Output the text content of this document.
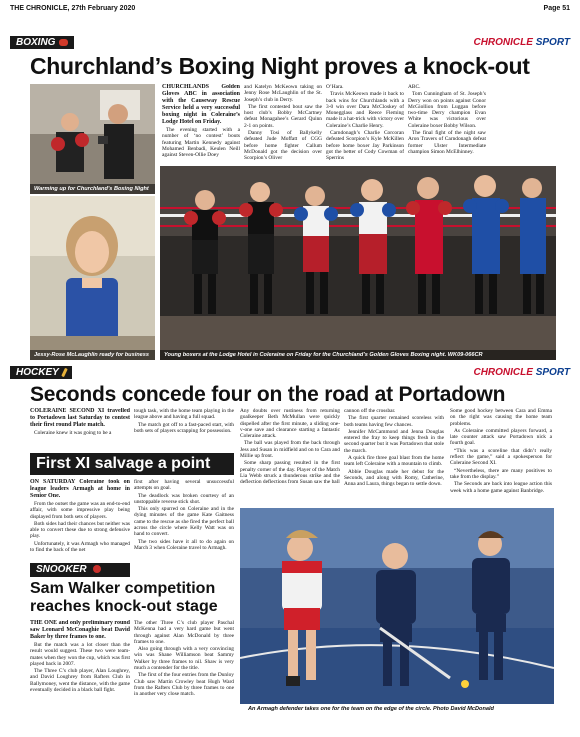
THE CHRONICLE, 27th February 2020	Page 51
BOXING	CHRONICLE SPORT
Churchland’s Boxing Night proves a knock-out
Warming up for Churchland’s Boxing Night
Jessy-Rose McLaughlin ready for business

CHURCHLANDS Golden Gloves ABC in association with the Causeway Rescue Service held a very successful boxing night in Coleraine’s Lodge Hotel on Friday.

The evening started with a number of ‘no contest’ bouts featuring Martin Kennedy against Mohamed Benbadi, Keulen Neill against Steven-Ollie Doey

and Katelyn McKeown taking on Jenny Rose McLaughlin of the St. Joseph’s club in Derry.

The first contested bout saw the host club’s Bobby McCartney defeat Monagahee’s Gerard Quinn 2-1 on points.

Danny Tosi of Ballykelly defeated Jude Moffatt of CGG before home fighter Callum McDonald got the decision over Scorpion’s Oliver

O’Hara.

Travis McKeown made it back to back wins for Churchlands with a 3-0 win over Dara McCloskey of Monegglass and Reece Fleming made it a hat-trick with victory over Coleraine’s Charlie Henry.

Carndonagh’s Charlie Corcoran defeated Scorpion’s Kyle McKillen before home boxer Jay Parkinson got the better of Cody Cowman of Sperrins

ABC.

Tom Cunningham of St. Joseph’s Derry won on points against Conor McGiollion from Luggan before two-time Derry champion Evan White was victorious over Coleraine boxer Bobby Wilson.

The final fight of the night saw Aron Travers of Carndonagh defeat former Ulster Intermediate champion Simon McElhinney.

Young boxers at the Lodge Hotel in Coleraine on Friday for the Churchland’s Golden Gloves Boxing night. WK09-066CR
HOCKEY	CHRONICLE SPORT
Seconds concede four on the road at Portadown

COLERAINE SECOND XI travelled to Portadown last Saturday to contest their first round Plate match.

Coleraine knew it was going to be a

tough task, with the home team playing in the league above and having a full squad.

The match got off to a fast-paced start, with both sets of players scrapping for possession.

Any doubts over rustiness from returning goalkeeper Beth McMullan were quickly dispelled after the first minute, a sliding one-v-one save and clearance starting a fantastic Coleraine attack.

The ball was played from the back through Jess and Susan in midfield and on to Cara and Millie up front.

Some sharp passing resulted in the first penalty corner of the day. Player of the Match Lia Webb struck a thunderous strike and the deflection deflections from Susan saw the ball

cannon off the crossbar.

The first quarter remained scoreless with both teams having few chances.

Jennifer McCammond and Jenna Douglas entered the fray to keep things fresh in the second quarter but it was Portadown that stole the march.

A quick fire three goal blast from the home team left Coleraine with a mountain to climb.

Abbie Douglas made her debut for the Seconds, and along with Romy, Catherine, Anna and Laura, things began to settle down.

Some good hockey between Cara and Emma on the right was causing the home team problems.

As Coleraine committed players forward, a late counter attack saw Portadown nick a fourth goal.

“This was a scoreline that didn’t really reflect the game,” said a spokesperson for Coleraine Second XI.

“Nevertheless, there are many positives to take from the display.”

The Seconds are back into league action this week with a home game against Banbridge.

First XI salvage a point

ON SATURDAY Coleraine took on league leaders Armagh at home in Senior One.

From the outset the game was an end-to-end affair, with some impressive play being displayed from both sets of players.

Both sides had their chances but neither was able to convert these due to strong defensive play.

Unfortunately, it was Armagh who managed to find the back of the net

first after having several unsuccessful attempts on goal.

The deadlock was broken courtesy of an unstoppable reverse stick shot.

This only spurred on Coleraine and in the dying minutes of the game Kate Gaitness came to the rescue as she fired the perfect ball across the circle where Kelly Watt was on hand to convert.

The two sides have it all to do again on March 3 when Coleraine travel to Armagh.

An Armagh defender takes one for the team on the edge of the circle. Photo David McDonald
SNOOKER
Sam Walker competition
reaches knock-out stage

THE ONE and only preliminary round saw Leonard McConaghie beat David Baker by three frames to one.

But the match was a lot closer than the result would suggest. These two were team-mates when they won the cup, which was first played back in 2007.

The Three C’s club player, Alan Loughrey, and David Loughrey from Rafters Club in Ballymoney, went the distance, with the game eventually decided in a black ball fight.

The other Three C’s club player Paschal McKenna had a very hard game but went through against Alan McDonald by three frames to one.

Also going through with a very convincing win was Shane Williamson beat Sammy Walker by three frames to nil. Shaw is very much a contender for the title.

The first of the four entries from the Dunloy Club saw Martin Crowley beat Hugh Ward from the Rafters Club by three frames to one in another very close match.
